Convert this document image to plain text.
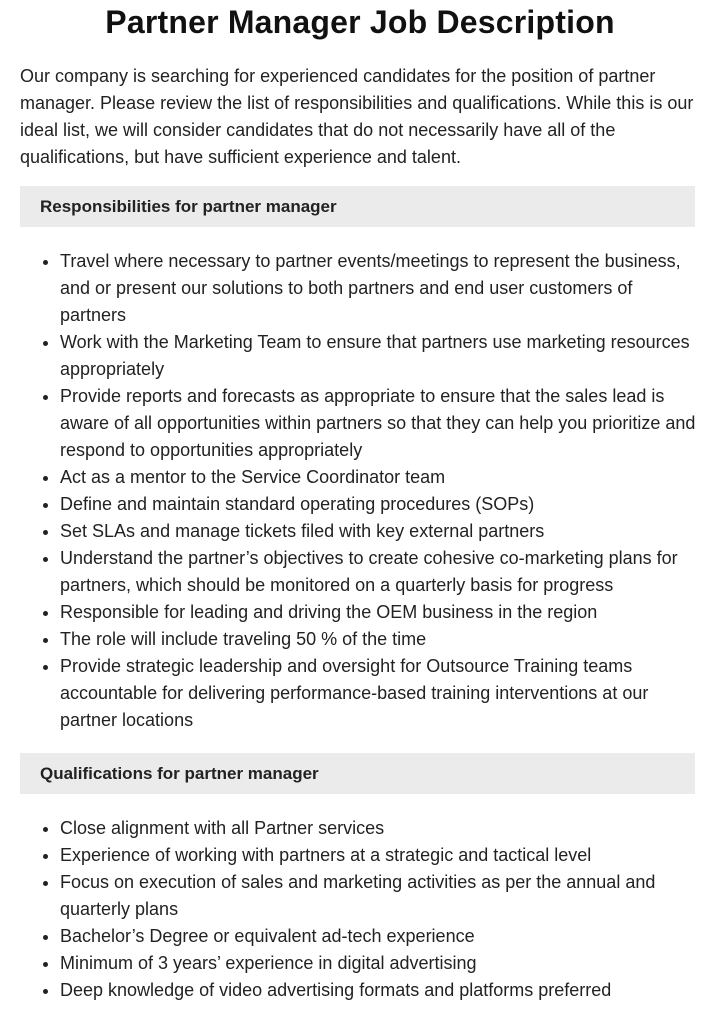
Partner Manager Job Description

Our company is searching for experienced candidates for the position of partner manager. Please review the list of responsibilities and qualifications. While this is our ideal list, we will consider candidates that do not necessarily have all of the qualifications, but have sufficient experience and talent.

Responsibilities for partner manager
• Travel where necessary to partner events/meetings to represent the business, and or present our solutions to both partners and end user customers of partners
• Work with the Marketing Team to ensure that partners use marketing resources appropriately
• Provide reports and forecasts as appropriate to ensure that the sales lead is aware of all opportunities within partners so that they can help you prioritize and respond to opportunities appropriately
• Act as a mentor to the Service Coordinator team
• Define and maintain standard operating procedures (SOPs)
• Set SLAs and manage tickets filed with key external partners
• Understand the partner’s objectives to create cohesive co-marketing plans for partners, which should be monitored on a quarterly basis for progress
• Responsible for leading and driving the OEM business in the region
• The role will include traveling 50 % of the time
• Provide strategic leadership and oversight for Outsource Training teams accountable for delivering performance-based training interventions at our partner locations
Qualifications for partner manager
• Close alignment with all Partner services
• Experience of working with partners at a strategic and tactical level
• Focus on execution of sales and marketing activities as per the annual and quarterly plans
• Bachelor’s Degree or equivalent ad-tech experience
• Minimum of 3 years’ experience in digital advertising
• Deep knowledge of video advertising formats and platforms preferred
